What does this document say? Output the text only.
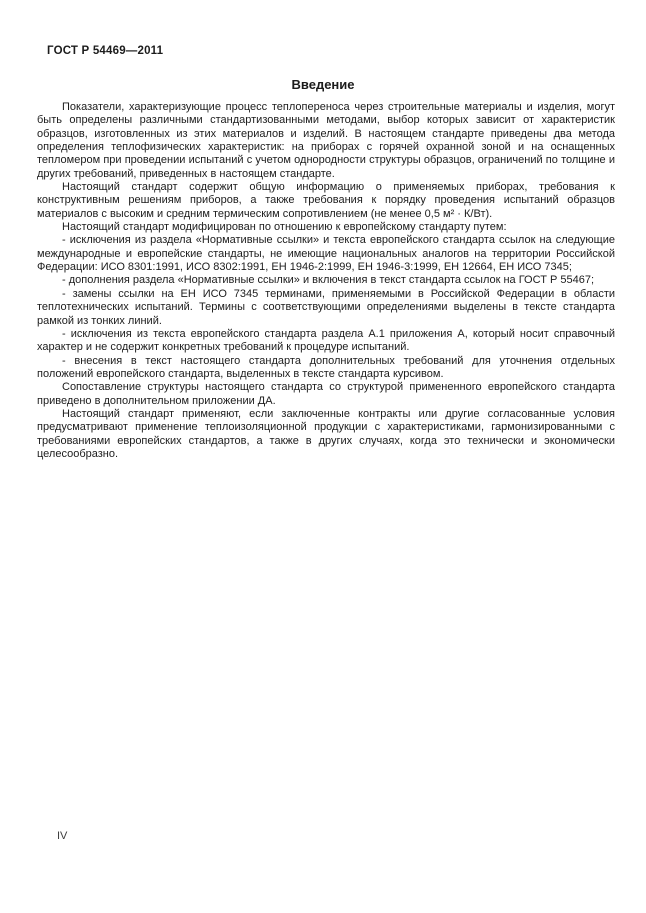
ГОСТ Р 54469—2011
Введение

Показатели, характеризующие процесс теплопереноса через строительные материалы и изделия, могут быть определены различными стандартизованными методами, выбор которых зависит от характеристик образцов, изготовленных из этих материалов и изделий. В настоящем стандарте приведены два метода определения теплофизических характеристик: на приборах с горячей охранной зоной и на оснащенных тепломером при проведении испытаний с учетом однородности структуры образцов, ограничений по толщине и других требований, приведенных в настоящем стандарте.

Настоящий стандарт содержит общую информацию о применяемых приборах, требования к конструктивным решениям приборов, а также требования к порядку проведения испытаний образцов материалов с высоким и средним термическим сопротивлением (не менее 0,5 м² · К/Вт).

Настоящий стандарт модифицирован по отношению к европейскому стандарту путем:

- исключения из раздела «Нормативные ссылки» и текста европейского стандарта ссылок на следующие международные и европейские стандарты, не имеющие национальных аналогов на территории Российской Федерации: ИСО 8301:1991, ИСО 8302:1991, ЕН 1946-2:1999, ЕН 1946-3:1999, ЕН 12664, ЕН ИСО 7345;

- дополнения раздела «Нормативные ссылки» и включения в текст стандарта ссылок на ГОСТ Р 55467;

- замены ссылки на ЕН ИСО 7345 терминами, применяемыми в Российской Федерации в области теплотехнических испытаний. Термины с соответствующими определениями выделены в тексте стандарта рамкой из тонких линий.

- исключения из текста европейского стандарта раздела А.1 приложения А, который носит справочный характер и не содержит конкретных требований к процедуре испытаний.

- внесения в текст настоящего стандарта дополнительных требований для уточнения отдельных положений европейского стандарта, выделенных в тексте стандарта курсивом.

Сопоставление структуры настоящего стандарта со структурой примененного европейского стандарта приведено в дополнительном приложении ДА.

Настоящий стандарт применяют, если заключенные контракты или другие согласованные условия предусматривают применение теплоизоляционной продукции с характеристиками, гармонизированными с требованиями европейских стандартов, а также в других случаях, когда это технически и экономически целесообразно.

IV
